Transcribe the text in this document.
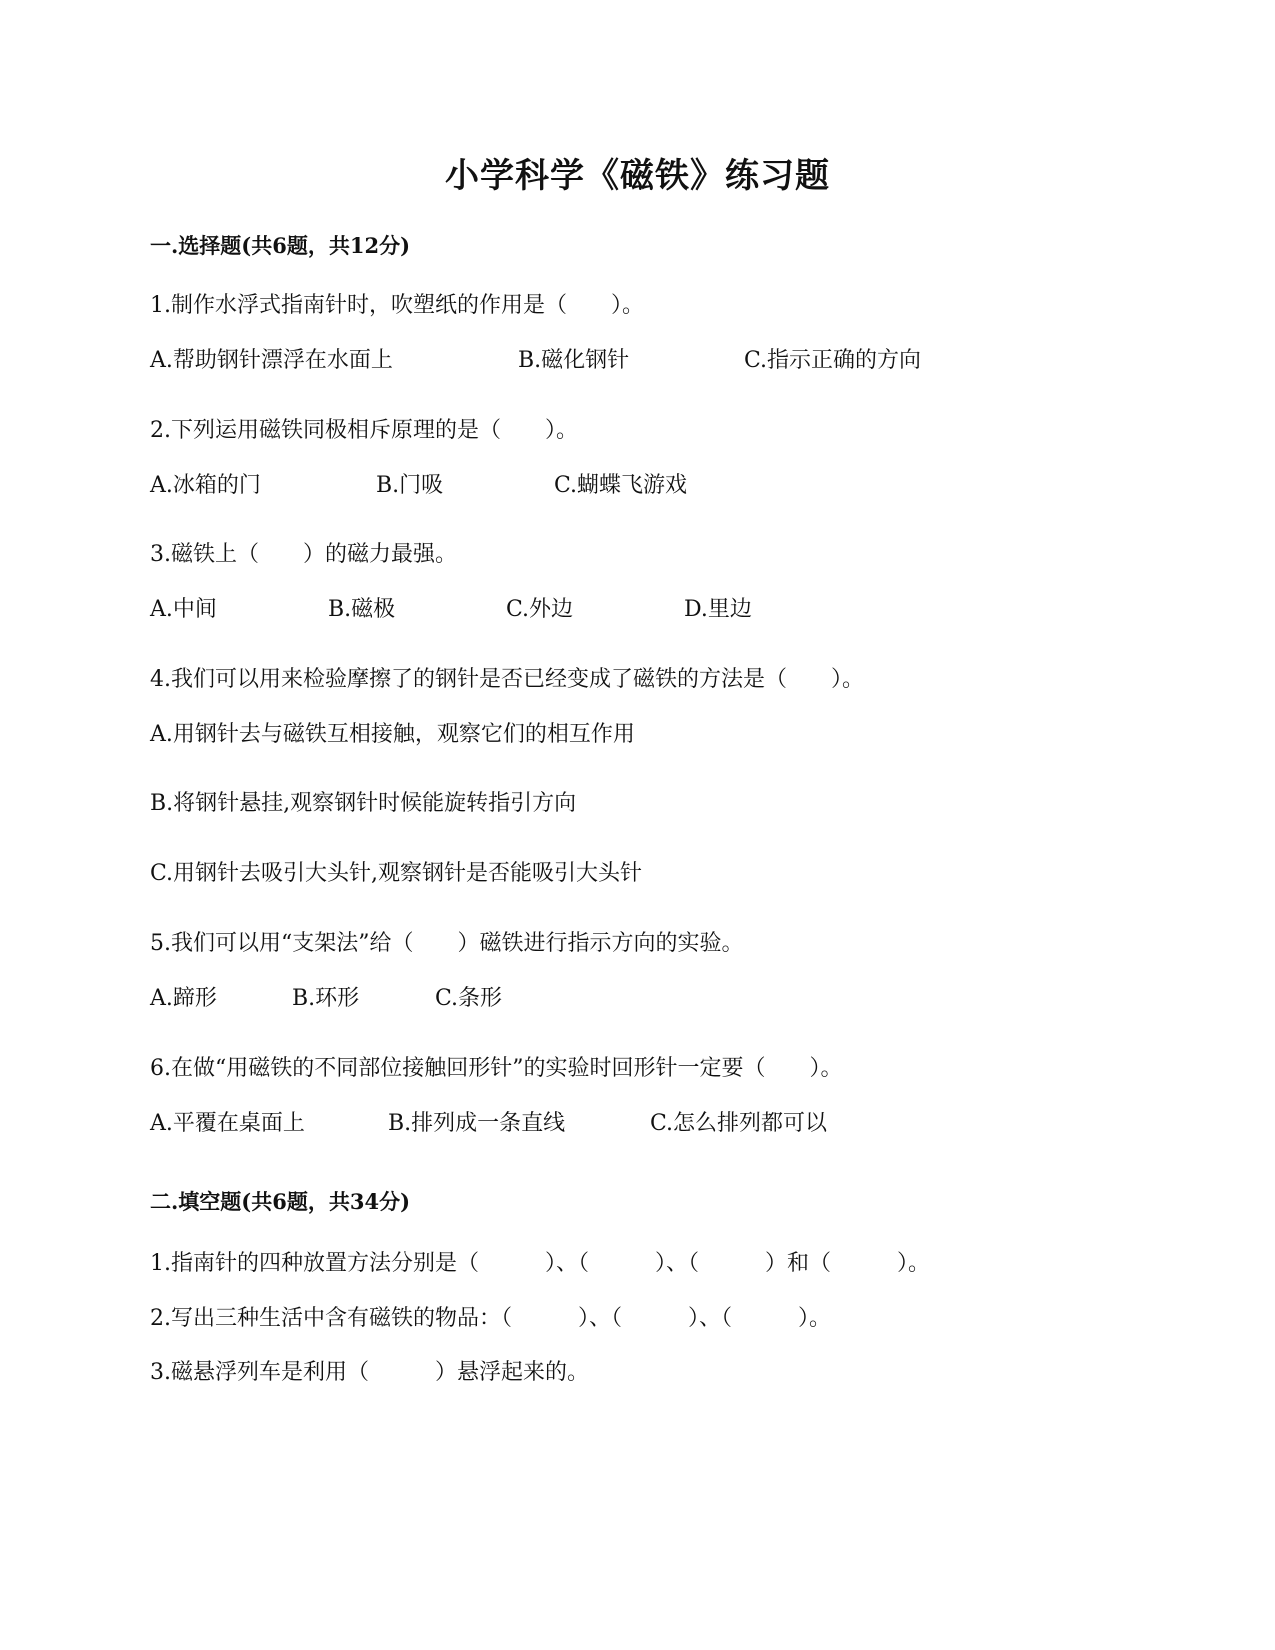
小学科学《磁铁》练习题
一.选择题(共6题，共12分)
1.制作水浮式指南针时，吹塑纸的作用是（　　）。
A.帮助钢针漂浮在水面上	B.磁化钢针	C.指示正确的方向
2.下列运用磁铁同极相斥原理的是（　　）。
A.冰箱的门	B.门吸	C.蝴蝶飞游戏
3.磁铁上（　　）的磁力最强。
A.中间	B.磁极	C.外边	D.里边
4.我们可以用来检验摩擦了的钢针是否已经变成了磁铁的方法是（　　）。
A.用钢针去与磁铁互相接触，观察它们的相互作用
B.将钢针悬挂,观察钢针时候能旋转指引方向
C.用钢针去吸引大头针,观察钢针是否能吸引大头针
5.我们可以用“支架法”给（　　）磁铁进行指示方向的实验。
A.蹄形	B.环形	C.条形
6.在做“用磁铁的不同部位接触回形针”的实验时回形针一定要（　　）。
A.平覆在桌面上	B.排列成一条直线	C.怎么排列都可以
二.填空题(共6题，共34分)
1.指南针的四种放置方法分别是（　　　）、（　　　）、（　　　）和（　　　）。
2.写出三种生活中含有磁铁的物品：（　　　）、（　　　）、（　　　）。
3.磁悬浮列车是利用（　　　）悬浮起来的。
